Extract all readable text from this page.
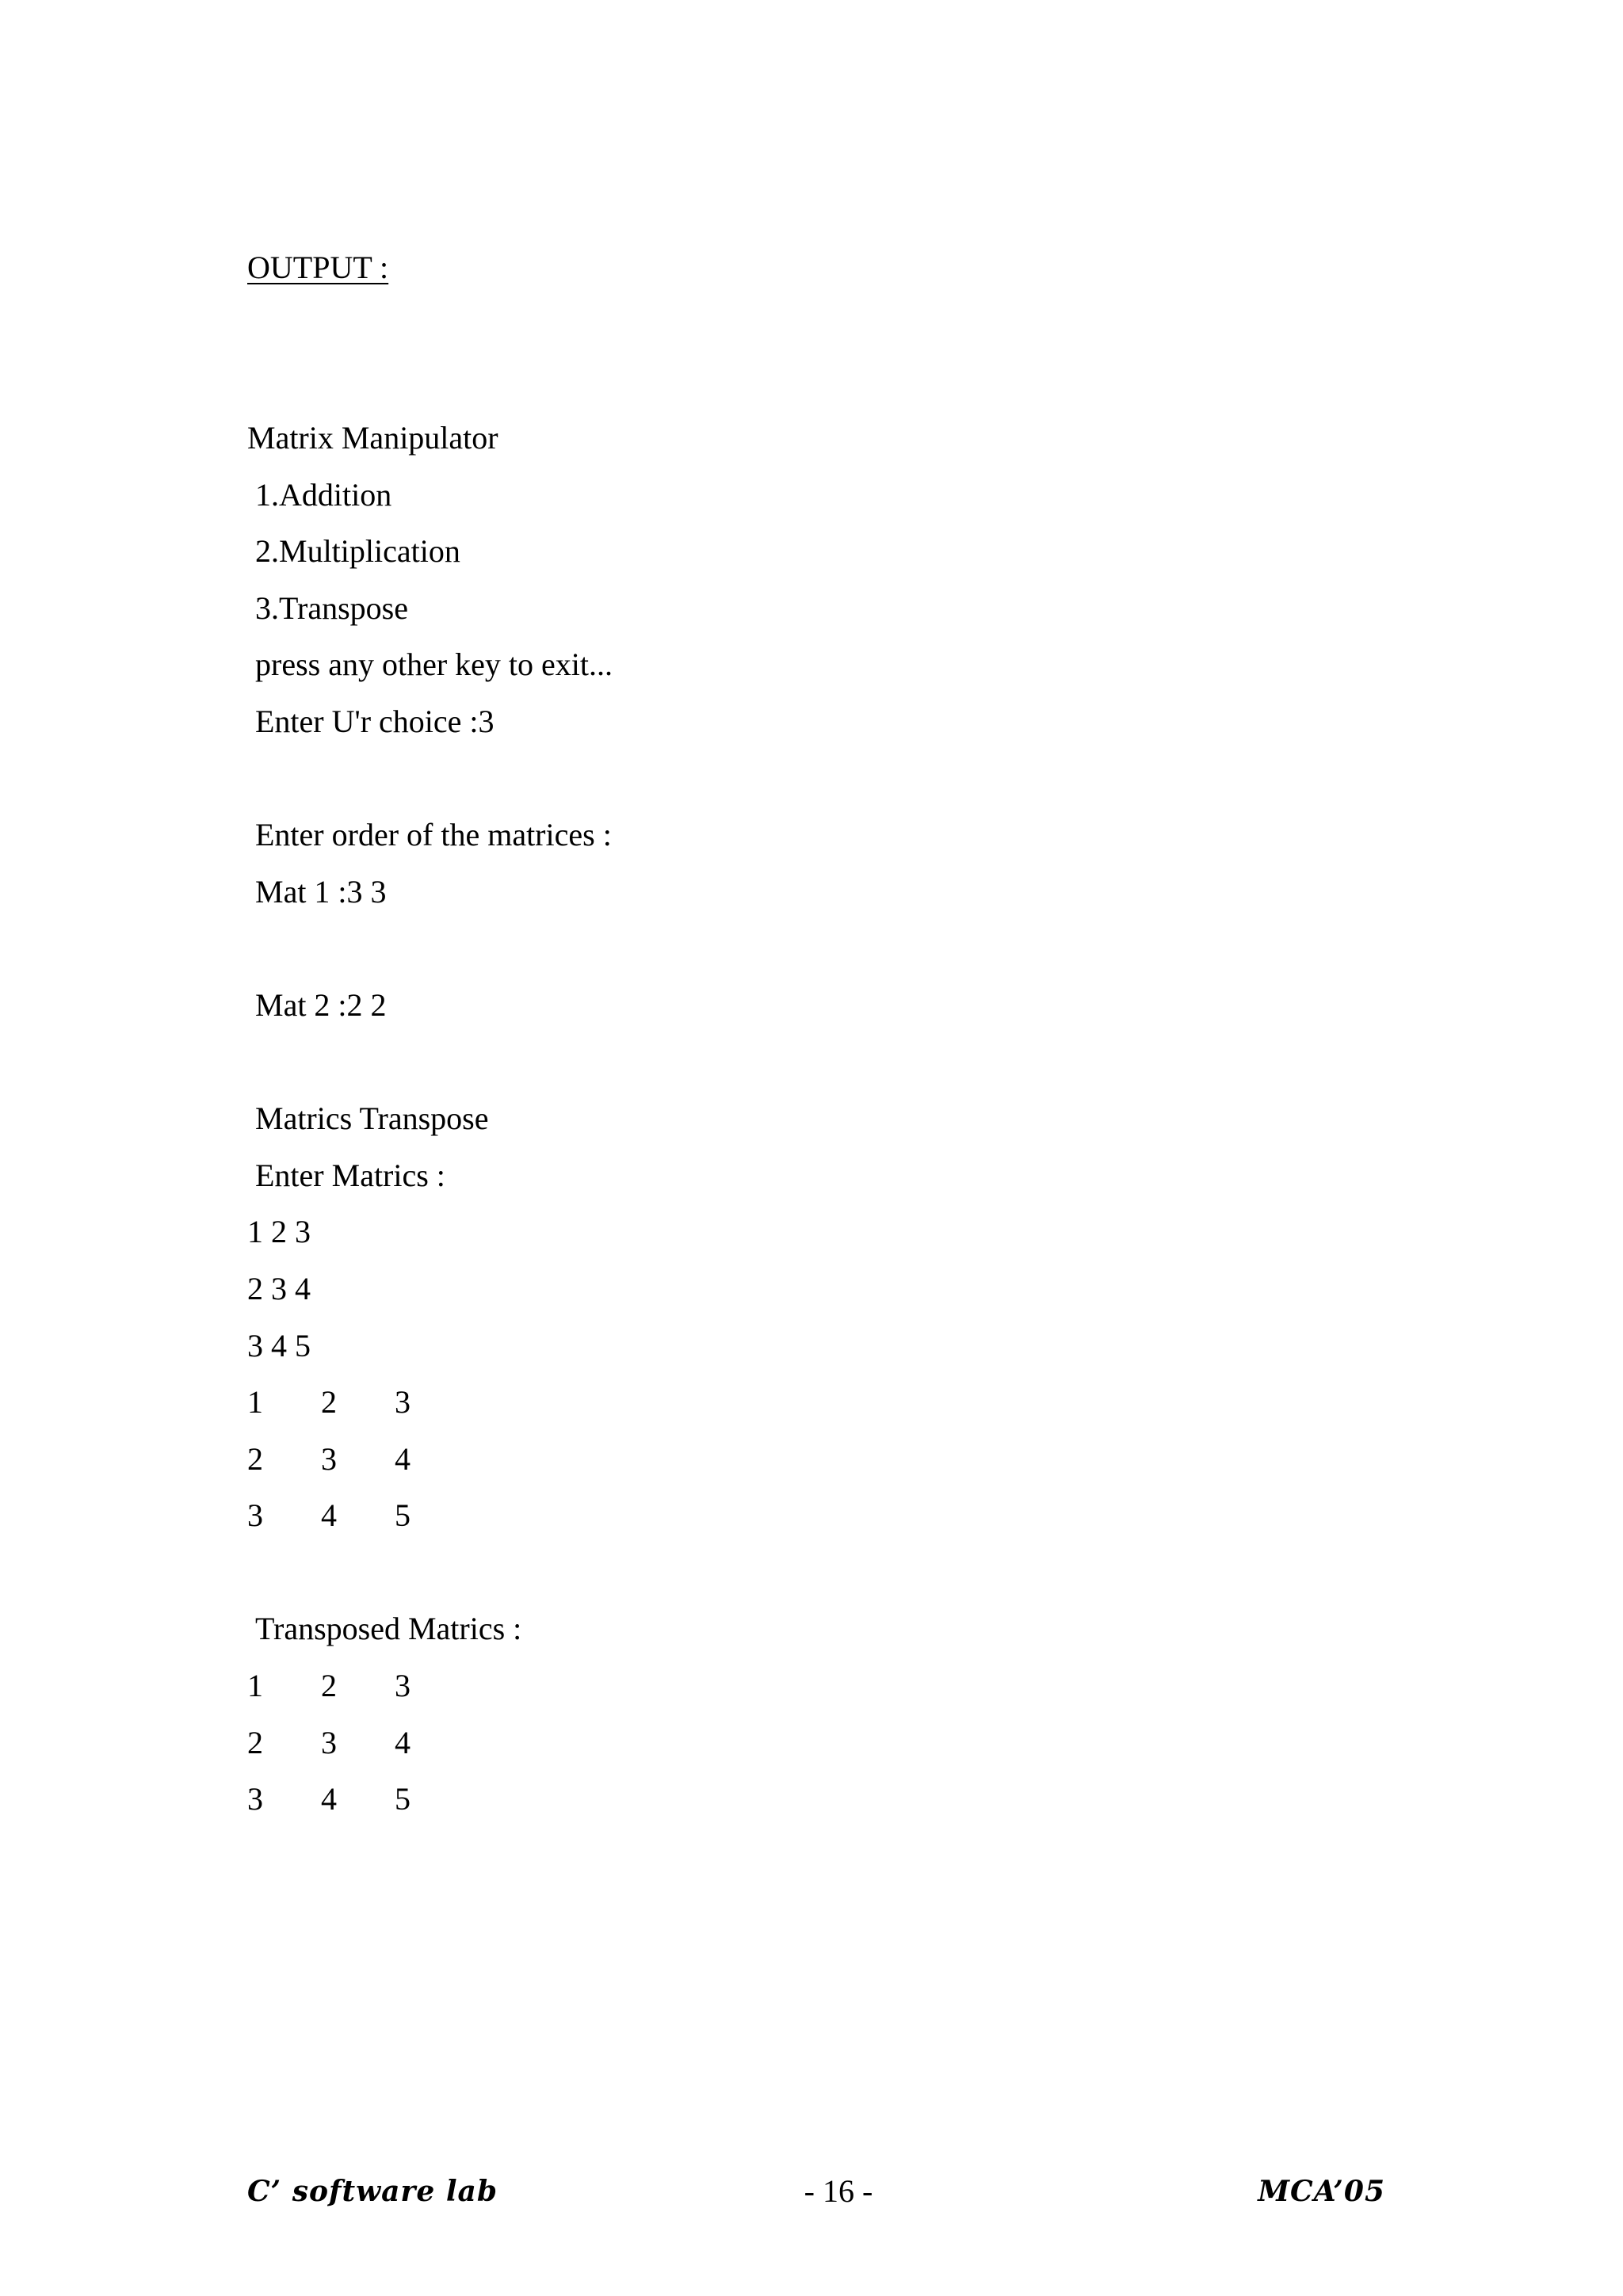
OUTPUT :
Matrix Manipulator
1.Addition
2.Multiplication
3.Transpose
press any other key to exit...
Enter U'r choice :3
Enter order of the matrices :
Mat 1 :3 3
Mat 2 :2 2
Matrics Transpose
Enter Matrics :
1 2 3
2 3 4
3 4 5
1	2	3
2	3	4
3	4	5
Transposed Matrics :
1	2	3
2	3	4
3	4	5
C’ software lab	- 16 -	MCA’05
